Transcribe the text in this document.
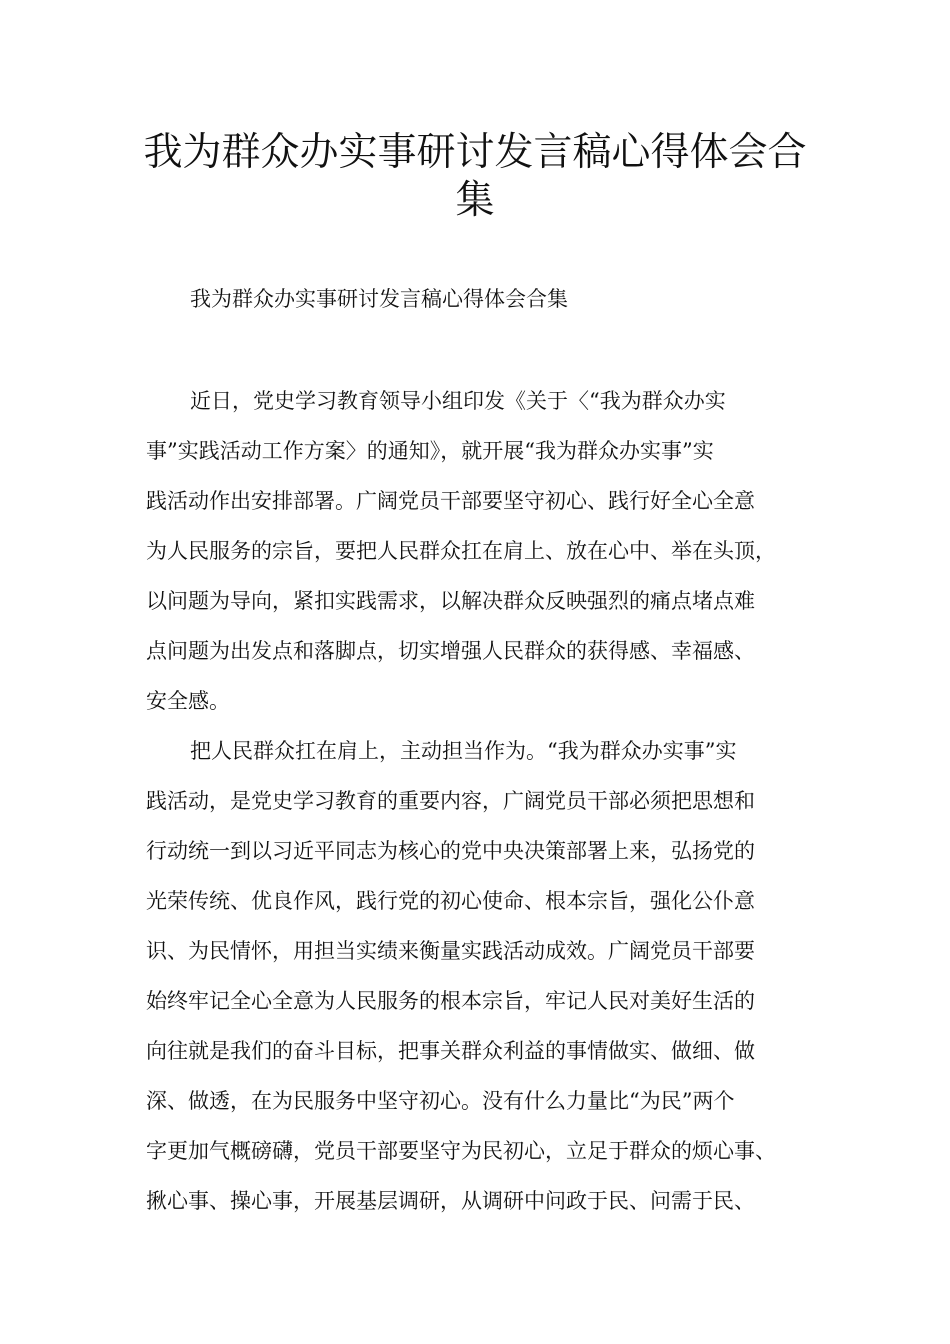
我为群众办实事研讨发言稿心得体会合
集
我为群众办实事研讨发言稿心得体会合集
近日，党史学习教育领导小组印发《关于〈“我为群众办实
事”实践活动工作方案〉的通知》，就开展“我为群众办实事”实
践活动作出安排部署。广阔党员干部要坚守初心、践行好全心全意
为人民服务的宗旨，要把人民群众扛在肩上、放在心中、举在头顶，
以问题为导向，紧扣实践需求，以解决群众反映强烈的痛点堵点难
点问题为出发点和落脚点，切实增强人民群众的获得感、幸福感、
安全感。
把人民群众扛在肩上，主动担当作为。“我为群众办实事”实
践活动，是党史学习教育的重要内容，广阔党员干部必须把思想和
行动统一到以习近平同志为核心的党中央决策部署上来，弘扬党的
光荣传统、优良作风，践行党的初心使命、根本宗旨，强化公仆意
识、为民情怀，用担当实绩来衡量实践活动成效。广阔党员干部要
始终牢记全心全意为人民服务的根本宗旨，牢记人民对美好生活的
向往就是我们的奋斗目标，把事关群众利益的事情做实、做细、做
深、做透，在为民服务中坚守初心。没有什么力量比“为民”两个
字更加气概磅礴，党员干部要坚守为民初心，立足于群众的烦心事、
揪心事、操心事，开展基层调研，从调研中问政于民、问需于民、
